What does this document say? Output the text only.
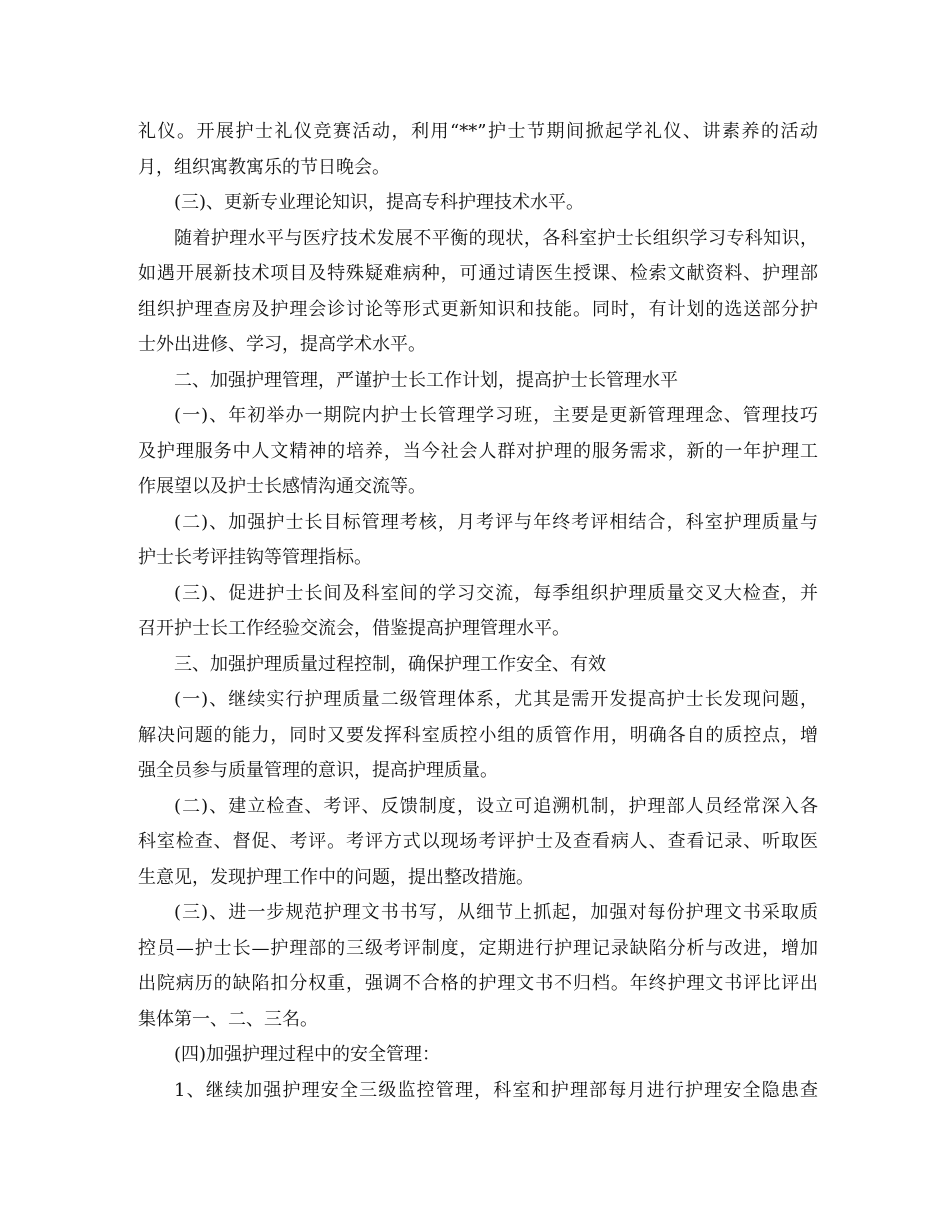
礼仪。开展护士礼仪竞赛活动，利用“**”护士节期间掀起学礼仪、讲素养的活动
月，组织寓教寓乐的节日晚会。
(三)、更新专业理论知识，提高专科护理技术水平。
随着护理水平与医疗技术发展不平衡的现状，各科室护士长组织学习专科知识，
如遇开展新技术项目及特殊疑难病种，可通过请医生授课、检索文献资料、护理部
组织护理查房及护理会诊讨论等形式更新知识和技能。同时，有计划的选送部分护
士外出进修、学习，提高学术水平。
二、加强护理管理，严谨护士长工作计划，提高护士长管理水平
(一)、年初举办一期院内护士长管理学习班，主要是更新管理理念、管理技巧
及护理服务中人文精神的培养，当今社会人群对护理的服务需求，新的一年护理工
作展望以及护士长感情沟通交流等。
(二)、加强护士长目标管理考核，月考评与年终考评相结合，科室护理质量与
护士长考评挂钩等管理指标。
(三)、促进护士长间及科室间的学习交流，每季组织护理质量交叉大检查，并
召开护士长工作经验交流会，借鉴提高护理管理水平。
三、加强护理质量过程控制，确保护理工作安全、有效
(一)、继续实行护理质量二级管理体系，尤其是需开发提高护士长发现问题，
解决问题的能力，同时又要发挥科室质控小组的质管作用，明确各自的质控点，增
强全员参与质量管理的意识，提高护理质量。
(二)、建立检查、考评、反馈制度，设立可追溯机制，护理部人员经常深入各
科室检查、督促、考评。考评方式以现场考评护士及查看病人、查看记录、听取医
生意见，发现护理工作中的问题，提出整改措施。
(三)、进一步规范护理文书书写，从细节上抓起，加强对每份护理文书采取质
控员—护士长—护理部的三级考评制度，定期进行护理记录缺陷分析与改进，增加
出院病历的缺陷扣分权重，强调不合格的护理文书不归档。年终护理文书评比评出
集体第一、二、三名。
(四)加强护理过程中的安全管理：
1、继续加强护理安全三级监控管理，科室和护理部每月进行护理安全隐患查
